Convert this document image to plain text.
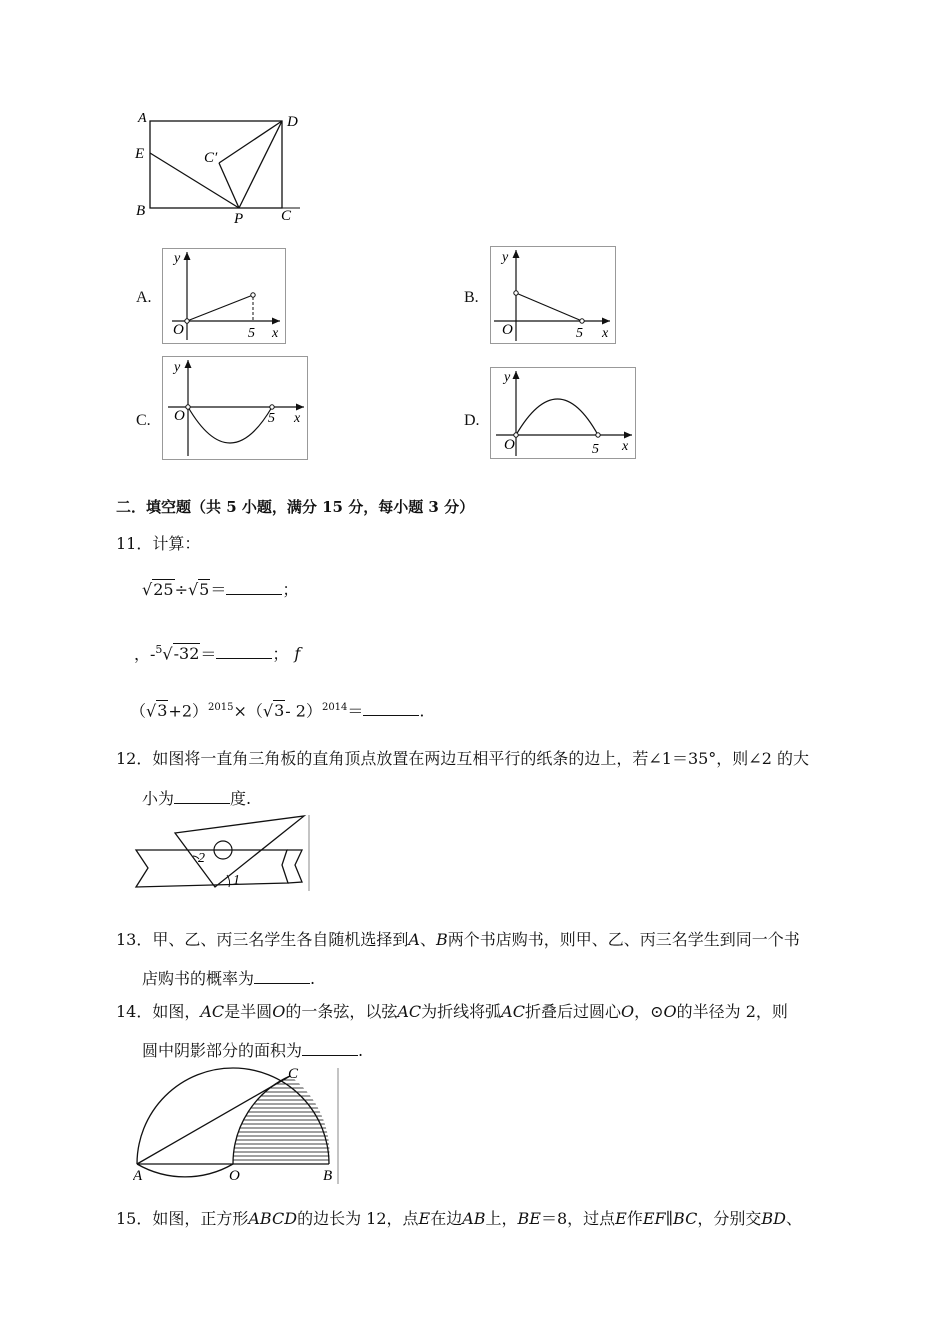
A	D
E	C′
B	P	C
A.
y
O	5 x
B.
y
O	5 x
C.
y
O	5 x	D.
y
O	5 x
二．填空题（共 5 小题，满分 15 分，每小题 3 分）
11．计算：
√25÷√5＝	；
，-$^5$√-32＝	； f
$(√3+2)^{2015}\times(√3-$ 2）$^{2014}$＝	.
12．如图将一直角三角板的直角顶点放置在两边互相平行的纸条的边上，若∠1＝35°，则∠2 的大
小为	度.
1
2
13．甲、乙、丙三名学生各自随机选择到A、B两个书店购书，则甲、乙、丙三名学生到同一个书
店购书的概率为	.
14．如图，AC是半圆O的一条弦，以弦AC为折线将弧AC折叠后过圆心O，⊙O的半径为 2，则
圆中阴影部分的面积为	.
A	O	B
C
15．如图，正方形ABCD的边长为 12，点E在边AB上，BE＝8，过点E作EF∥BC，分别交BD、
